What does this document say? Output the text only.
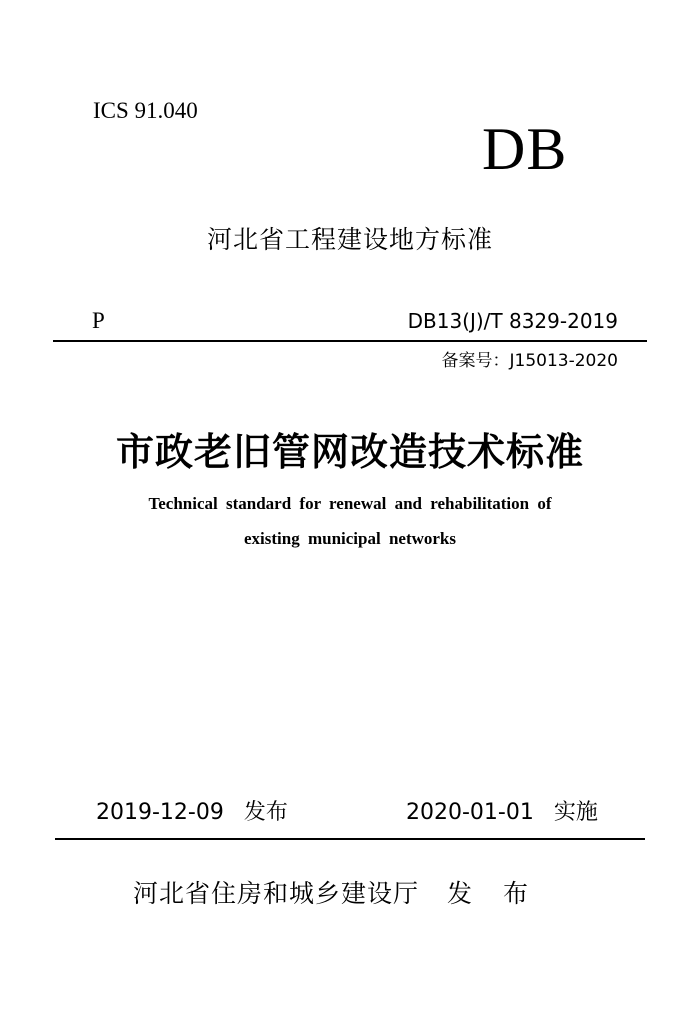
ICS 91.040
DB
河北省工程建设地方标准
P	DB13(J)/T 8329-2019
备案号：J15013-2020
市政老旧管网改造技术标准
Technical standard for renewal and rehabilitation of
existing municipal networks
2019-12-09 发布	2020-01-01 实施
河北省住房和城乡建设厅 发 布
